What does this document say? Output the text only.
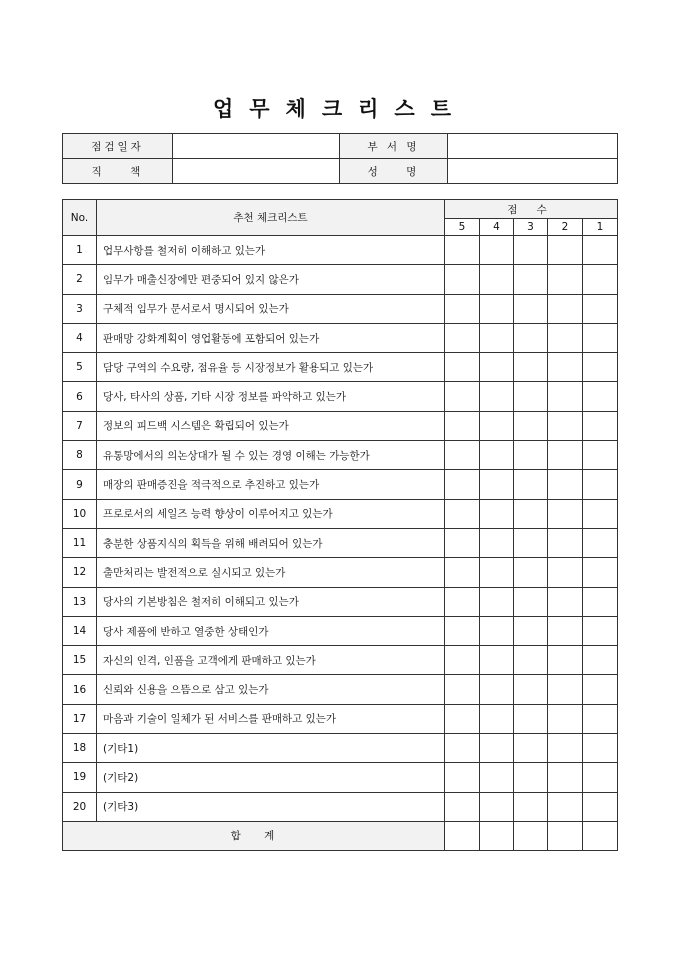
업무체크리스트
점검일자		부 서 명	
직    책		성    명	
No.	추천 체크리스트	점 수				
		5	4	3	2	1
1	업무사항를 철저히 이해하고 있는가					
2	임무가 매출신장에만 편중되어 있지 않은가					
3	구체적 임무가 문서로서 명시되어 있는가					
4	판매망 강화계획이 영업활동에 포함되어 있는가					
5	담당 구역의 수요량, 점유율 등 시장정보가 활용되고 있는가					
6	당사, 타사의 상품, 기타 시장 정보를 파악하고 있는가					
7	정보의 피드백 시스템은 확립되어 있는가					
8	유통망에서의 의논상대가 될 수 있는 경영 이해는 가능한가					
9	매장의 판매증진을 적극적으로 추진하고 있는가					
10	프로로서의 세일즈 능력 향상이 이루어지고 있는가					
11	충분한 상품지식의 획득을 위해 배려되어 있는가					
12	출만처리는 발전적으로 실시되고 있는가					
13	당사의 기본방침은 철저히 이해되고 있는가					
14	당사 제품에 반하고 열중한 상태인가					
15	자신의 인격, 인품을 고객에게 판매하고 있는가					
16	신뢰와 신용을 으뜸으로 삼고 있는가					
17	마음과 기술이 일체가 된 서비스를 판매하고 있는가					
18	(기타1)					
19	(기타2)					
20	(기타3)					
합    계						
